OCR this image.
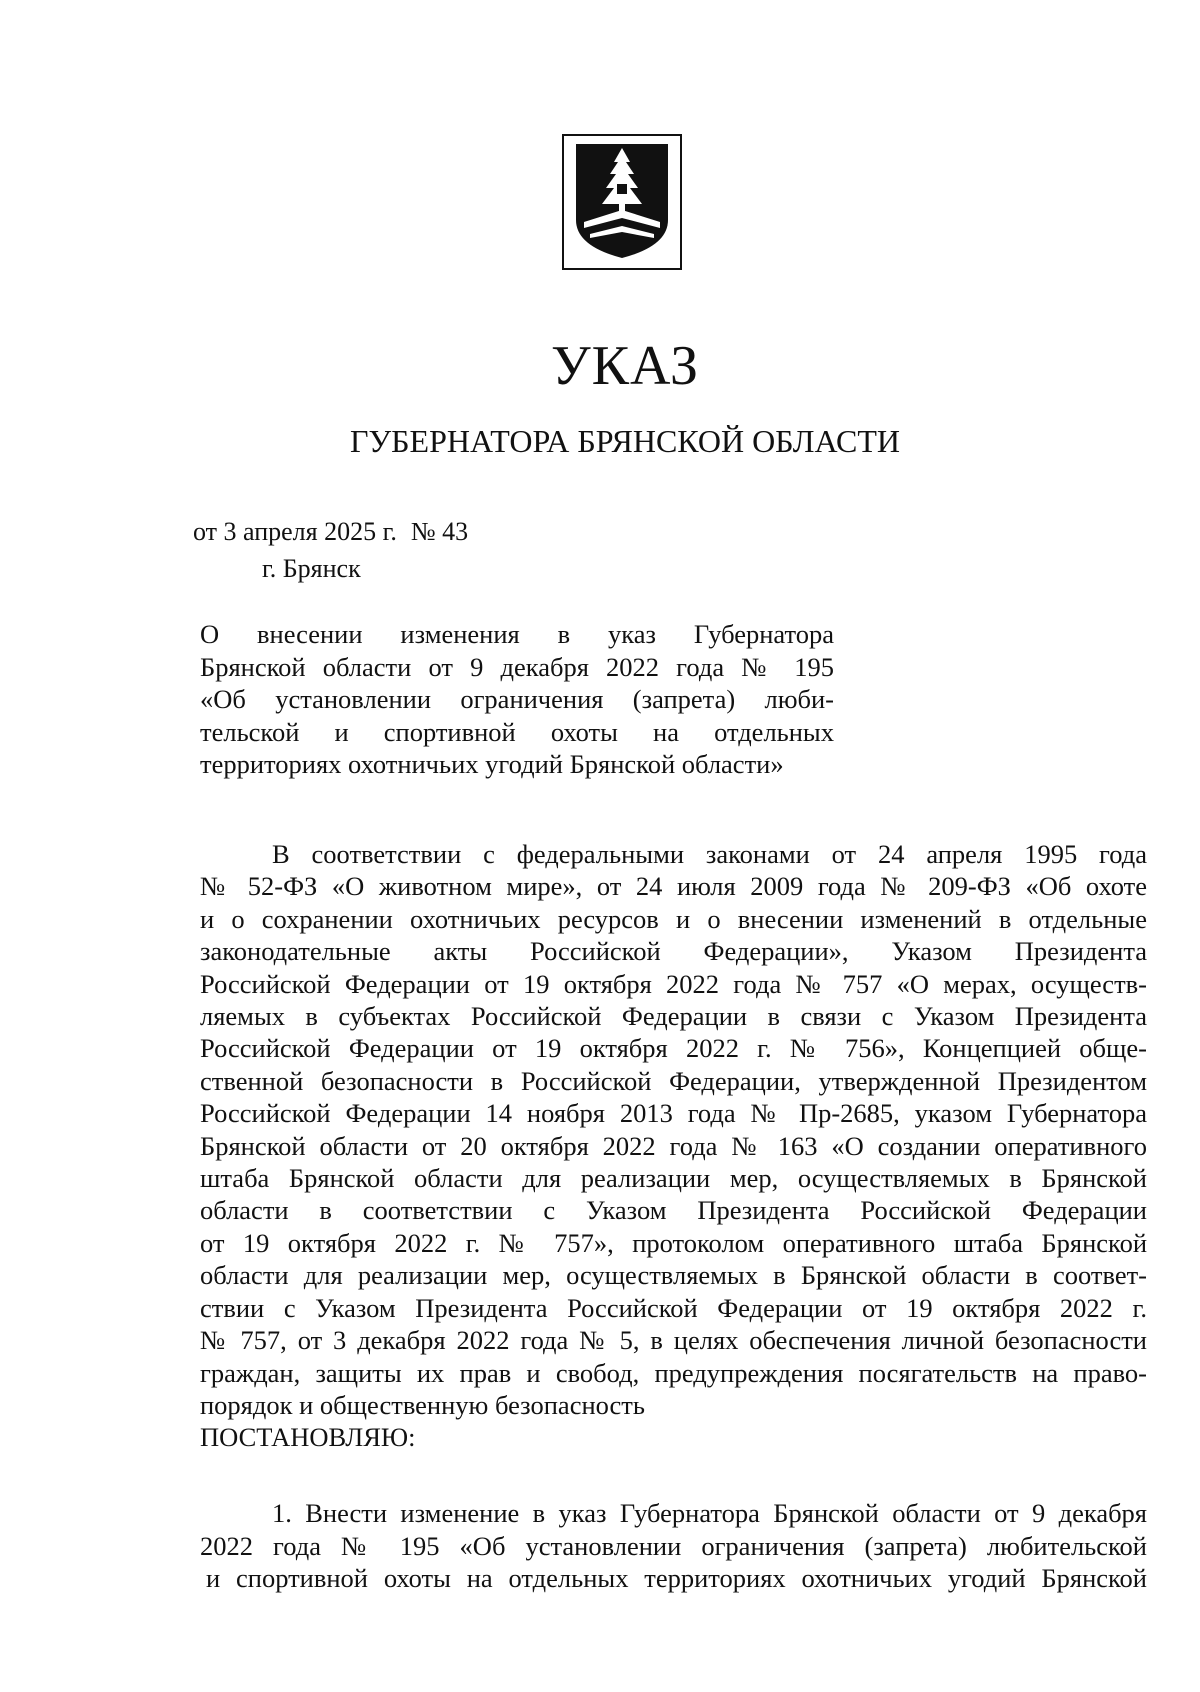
УКАЗ
ГУБЕРНАТОРА БРЯНСКОЙ ОБЛАСТИ
от 3 апреля 2025 г. № 43
г. Брянск
О внесении изменения в указ Губернатора
Брянской области от 9 декабря 2022 года № 195
«Об установлении ограничения (запрета) люби-
тельской и спортивной охоты на отдельных
территориях охотничьих угодий Брянской области»
В соответствии с федеральными законами от 24 апреля 1995 года
№ 52-ФЗ «О животном мире», от 24 июля 2009 года № 209-ФЗ «Об охоте
и о сохранении охотничьих ресурсов и о внесении изменений в отдельные
законодательные акты Российской Федерации», Указом Президента
Российской Федерации от 19 октября 2022 года № 757 «О мерах, осуществ-
ляемых в субъектах Российской Федерации в связи с Указом Президента
Российской Федерации от 19 октября 2022 г. № 756», Концепцией обще-
ственной безопасности в Российской Федерации, утвержденной Президентом
Российской Федерации 14 ноября 2013 года № Пр-2685, указом Губернатора
Брянской области от 20 октября 2022 года № 163 «О создании оперативного
штаба Брянской области для реализации мер, осуществляемых в Брянской
области в соответствии с Указом Президента Российской Федерации
от 19 октября 2022 г. № 757», протоколом оперативного штаба Брянской
области для реализации мер, осуществляемых в Брянской области в соответ-
ствии с Указом Президента Российской Федерации от 19 октября 2022 г.
№ 757, от 3 декабря 2022 года № 5, в целях обеспечения личной безопасности
граждан, защиты их прав и свобод, предупреждения посягательств на право-
порядок и общественную безопасность
ПОСТАНОВЛЯЮ:
1. Внести изменение в указ Губернатора Брянской области от 9 декабря
2022 года № 195 «Об установлении ограничения (запрета) любительской
и спортивной охоты на отдельных территориях охотничьих угодий Брянской
